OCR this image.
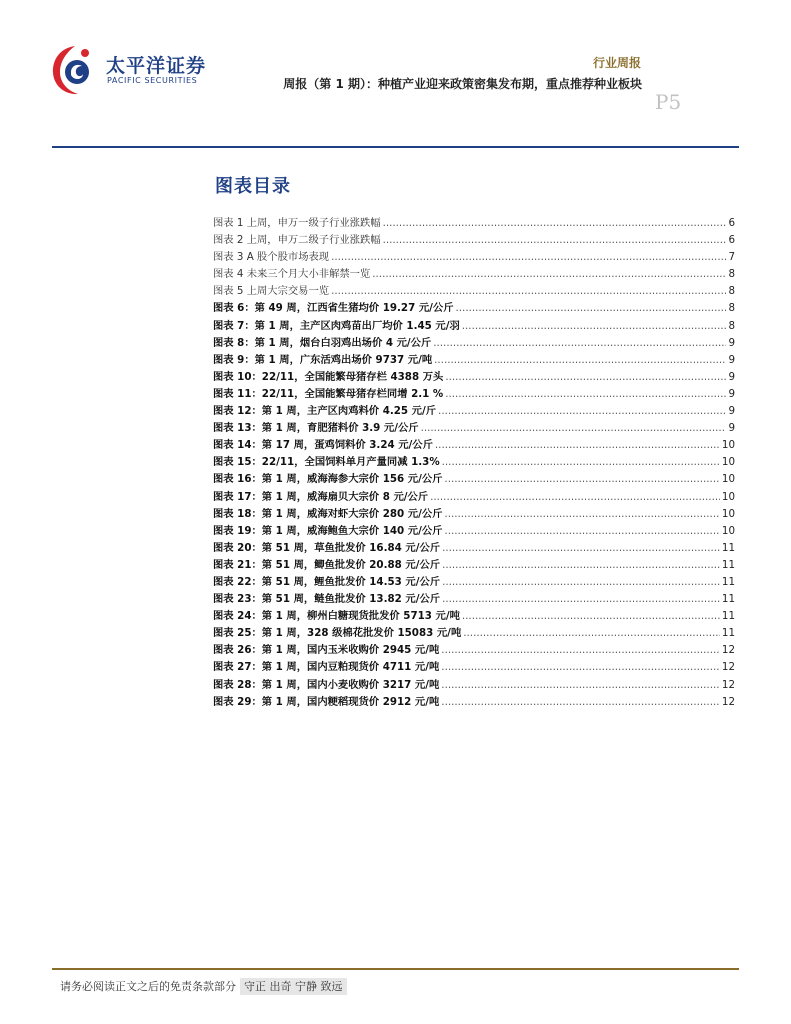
太平洋证券
PACIFIC SECURITIES
行业周报
周报（第 1 期）：种植产业迎来政策密集发布期，重点推荐种业板块
P5
图表目录
图表 1 上周，申万一级子行业涨跌幅 .....	6
图表 2 上周，申万二级子行业涨跌幅 .....	6
图表 3 A 股个股市场表现 .....	7
图表 4 未来三个月大小非解禁一览 .....	8
图表 5 上周大宗交易一览 .....	8
图表 6：第 49 周，江西省生猪均价 19.27 元/公斤 .....	8
图表 7：第 1 周，主产区肉鸡苗出厂均价 1.45 元/羽 .....	8
图表 8：第 1 周，烟台白羽鸡出场价 4 元/公斤 .....	9
图表 9：第 1 周，广东活鸡出场价 9737 元/吨 .....	9
图表 10：22/11，全国能繁母猪存栏 4388 万头 .....	9
图表 11：22/11，全国能繁母猪存栏同增 2.1 % .....	9
图表 12：第 1 周，主产区肉鸡料价 4.25 元/斤 .....	9
图表 13：第 1 周，育肥猪料价 3.9 元/公斤 .....	9
图表 14：第 17 周，蛋鸡饲料价 3.24 元/公斤 .....	10
图表 15：22/11，全国饲料单月产量同减 1.3% .....	10
图表 16：第 1 周，威海海参大宗价 156 元/公斤 .....	10
图表 17：第 1 周，威海扇贝大宗价 8 元/公斤 .....	10
图表 18：第 1 周，威海对虾大宗价 280 元/公斤 .....	10
图表 19：第 1 周，威海鲍鱼大宗价 140 元/公斤 .....	10
图表 20：第 51 周，草鱼批发价 16.84 元/公斤 .....	11
图表 21：第 51 周，鲫鱼批发价 20.88 元/公斤 .....	11
图表 22：第 51 周，鲤鱼批发价 14.53 元/公斤 .....	11
图表 23：第 51 周，鲢鱼批发价 13.82 元/公斤 .....	11
图表 24：第 1 周，柳州白糖现货批发价 5713 元/吨 .....	11
图表 25：第 1 周，328 级棉花批发价 15083 元/吨 .....	11
图表 26：第 1 周，国内玉米收购价 2945 元/吨 .....	12
图表 27：第 1 周，国内豆粕现货价 4711 元/吨 .....	12
图表 28：第 1 周，国内小麦收购价 3217 元/吨 .....	12
图表 29：第 1 周，国内粳稻现货价 2912 元/吨 .....	12
请务必阅读正文之后的免责条款部分 守正 出奇 宁静 致远
